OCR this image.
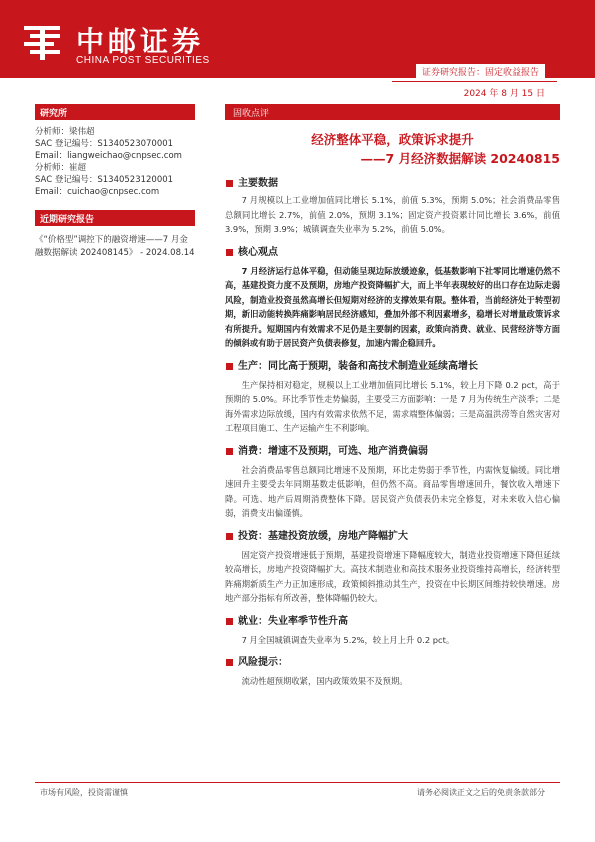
中邮证券
CHINA POST SECURITIES
证券研究报告：固定收益报告
2024 年 8 月 15 日
研究所
分析师：梁伟超
SAC 登记编号：S1340523070001
Email：liangweichao@cnpsec.com
分析师：崔超
SAC 登记编号：S1340523120001
Email：cuichao@cnpsec.com
近期研究报告
《“价格型”调控下的融资增速——7 月金融数据解读 202408145》 - 2024.08.14
固收点评
经济整体平稳，政策诉求提升
——7 月经济数据解读 20240815
主要数据

7 月规模以上工业增加值同比增长 5.1%，前值 5.3%，预期 5.0%；社会消费品零售总额同比增长 2.7%，前值 2.0%，预期 3.1%；固定资产投资累计同比增长 3.6%，前值 3.9%，预期 3.9%；城镇调查失业率为 5.2%，前值 5.0%。

核心观点

7 月经济运行总体平稳，但动能呈现边际放缓迹象，低基数影响下社零同比增速仍然不高，基建投资力度不及预期，房地产投资降幅扩大，而上半年表现较好的出口存在边际走弱风险，制造业投资虽然高增长但短期对经济的支撑效果有限。整体看，当前经济处于转型初期，新旧动能转换阵痛影响居民经济感知，叠加外部不利因素增多，稳增长对增量政策诉求有所提升。短期国内有效需求不足仍是主要制约因素，政策向消费、就业、民营经济等方面的倾斜或有助于居民资产负债表修复，加速内需企稳回升。

生产：同比高于预期，装备和高技术制造业延续高增长

生产保持相对稳定，规模以上工业增加值同比增长 5.1%，较上月下降 0.2 pct，高于预期的 5.0%。环比季节性走势偏弱，主要受三方面影响：一是 7 月为传统生产淡季；二是海外需求边际放缓，国内有效需求依然不足，需求端整体偏弱；三是高温洪涝等自然灾害对工程项目施工、生产运输产生不利影响。

消费：增速不及预期，可选、地产消费偏弱

社会消费品零售总额同比增速不及预期，环比走势弱于季节性，内需恢复偏缓。同比增速回升主要受去年同期基数走低影响，但仍然不高。商品零售增速回升，餐饮收入增速下降。可选、地产后周期消费整体下降。居民资产负债表仍未完全修复，对未来收入信心偏弱，消费支出偏谨慎。

投资：基建投资放缓，房地产降幅扩大

固定资产投资增速低于预期，基建投资增速下降幅度较大，制造业投资增速下降但延续较高增长，房地产投资降幅扩大。高技术制造业和高技术服务业投资维持高增长，经济转型阵痛期新质生产力正加速形成，政策倾斜推动其生产，投资在中长期区间维持较快增速。房地产部分指标有所改善，整体降幅仍较大。

就业：失业率季节性升高

7 月全国城镇调查失业率为 5.2%，较上月上升 0.2 pct。

风险提示：

流动性超预期收紧，国内政策效果不及预期。

市场有风险，投资需谨慎	请务必阅读正文之后的免责条款部分
